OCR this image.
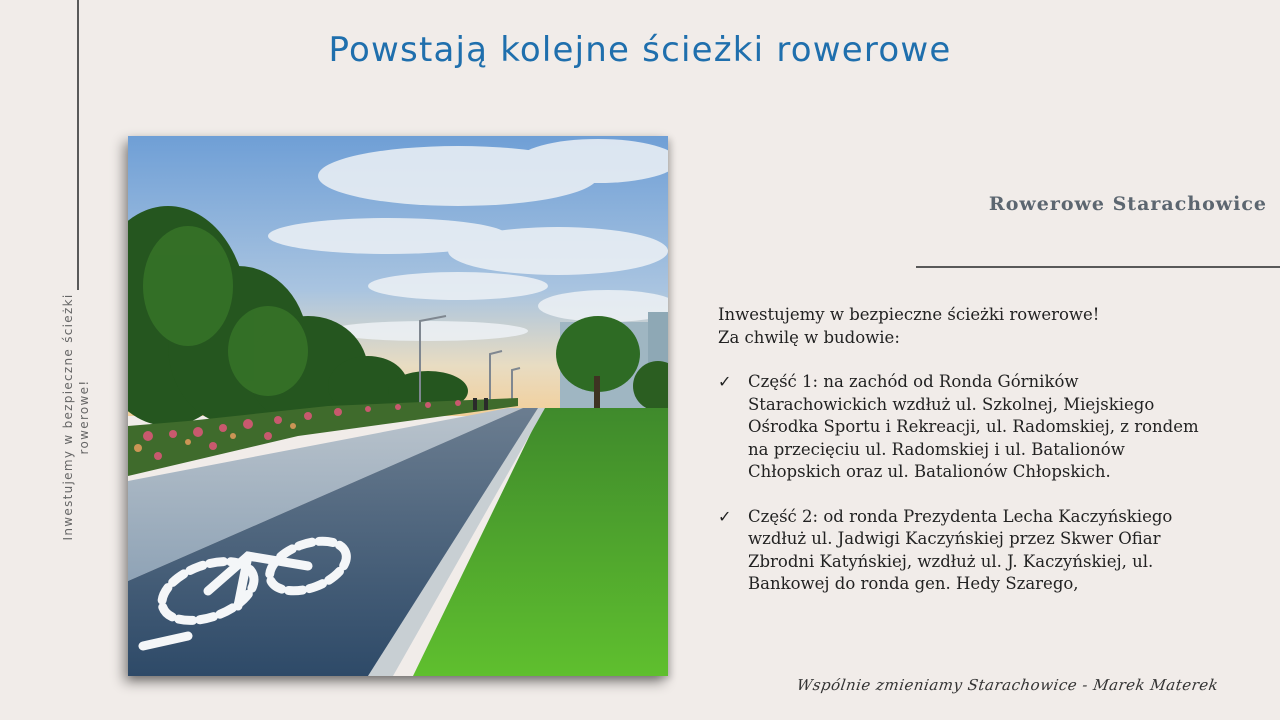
Inwestujemy w bezpieczne ścieżki rowerowe!
Powstają kolejne ścieżki rowerowe
Rowerowe Starachowice

Inwestujemy w bezpieczne ścieżki rowerowe!

Za chwilę w budowie:

✓ Część 1: na zachód od Ronda Górników Starachowickich wzdłuż ul. Szkolnej, Miejskiego Ośrodka Sportu i Rekreacji, ul. Radomskiej, z rondem na przecięciu ul. Radomskiej i ul. Batalionów Chłopskich oraz ul. Batalionów Chłopskich.
✓ Część 2: od ronda Prezydenta Lecha Kaczyńskiego wzdłuż ul. Jadwigi Kaczyńskiej przez Skwer Ofiar Zbrodni Katyńskiej, wzdłuż ul. J. Kaczyńskiej, ul. Bankowej do ronda gen. Hedy Szarego,
Wspólnie zmieniamy Starachowice - Marek Materek
